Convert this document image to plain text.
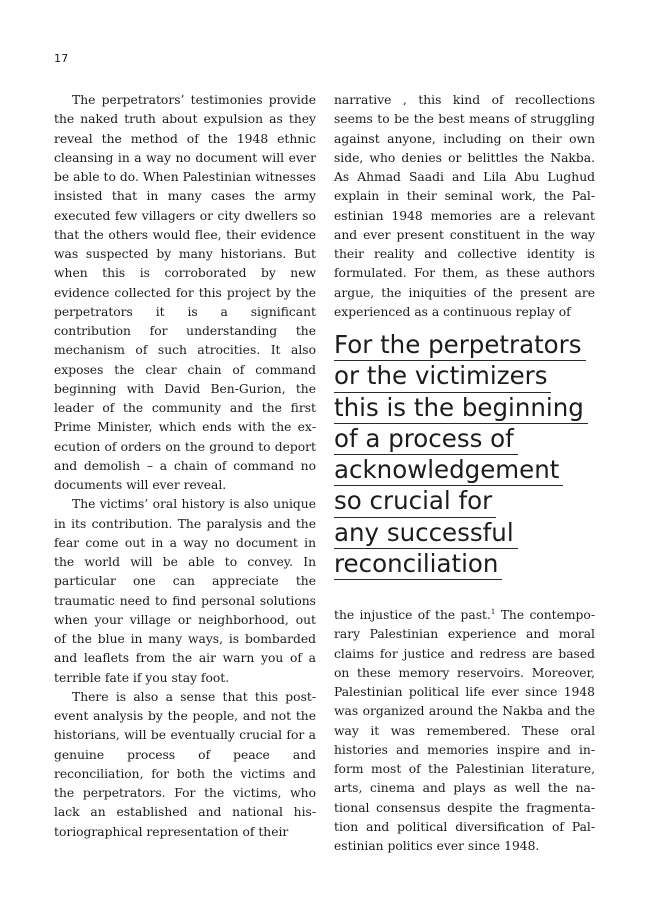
17

The perpetrators’ testimonies provide the naked truth about expulsion as they reveal the method of the 1948 ethnic cleansing in a way no document will ever be able to do. When Palestinian witnesses insisted that in many cases the army executed few villagers or city dwellers so that the others would flee, their evidence was suspected by many historians. But when this is corroborated by new evidence collected for this project by the perpetrators it is a significant contribution for understanding the mechanism of such atrocities. It also exposes the clear chain of command beginning with David Ben-Gurion, the leader of the community and the first Prime Minister, which ends with the execution of orders on the ground to deport and demolish – a chain of command no documents will ever reveal.

The victims’ oral history is also unique in its contribution. The paralysis and the fear come out in a way no document in the world will be able to convey. In particular one can appreciate the traumatic need to find personal solutions when your village or neighborhood, out of the blue in many ways, is bombarded and leaflets from the air warn you of a terrible fate if you stay foot.

There is also a sense that this post-event analysis by the people, and not the historians, will be eventually crucial for a genuine process of peace and reconciliation, for both the victims and the perpetrators. For the victims, who lack an established and national historiographical representation of their

narrative , this kind of recollections seems to be the best means of struggling against anyone, including on their own side, who denies or belittles the Nakba. As Ahmad Saadi and Lila Abu Lughud explain in their seminal work, the Palestinian 1948 memories are a relevant and ever present constituent in the way their reality and collective identity is formulated. For them, as these authors argue, the iniquities of the present are experienced as a continuous replay of

For the perpetrators
or the victimizers
this is the beginning
of a process of
acknowledgement
so crucial for
any successful
reconciliation

the injustice of the past.$^1$ The contemporary Palestinian experience and moral claims for justice and redress are based on these memory reservoirs. Moreover, Palestinian political life ever since 1948 was organized around the Nakba and the way it was remembered. These oral histories and memories inspire and inform most of the Palestinian literature, arts, cinema and plays as well the national consensus despite the fragmentation and political diversification of Palestinian politics ever since 1948.
